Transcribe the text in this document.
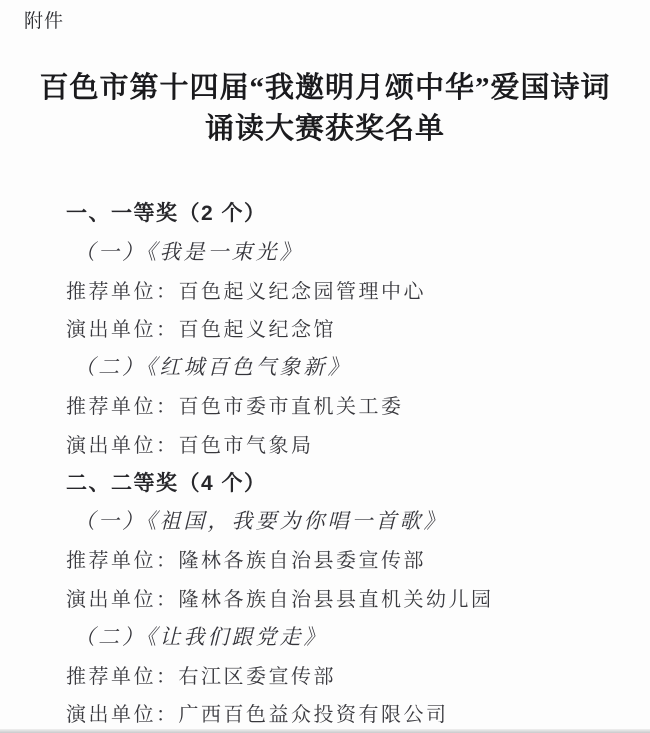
附件
百色市第十四届“我邀明月颂中华”爱国诗词
诵读大赛获奖名单
一、一等奖（2 个）
（一）《我是一束光》
推荐单位：百色起义纪念园管理中心
演出单位：百色起义纪念馆
（二）《红城百色气象新》
推荐单位：百色市委市直机关工委
演出单位：百色市气象局
二、二等奖（4 个）
（一）《祖国，我要为你唱一首歌》
推荐单位：隆林各族自治县委宣传部
演出单位：隆林各族自治县县直机关幼儿园
（二）《让我们跟党走》
推荐单位：右江区委宣传部
演出单位：广西百色益众投资有限公司
